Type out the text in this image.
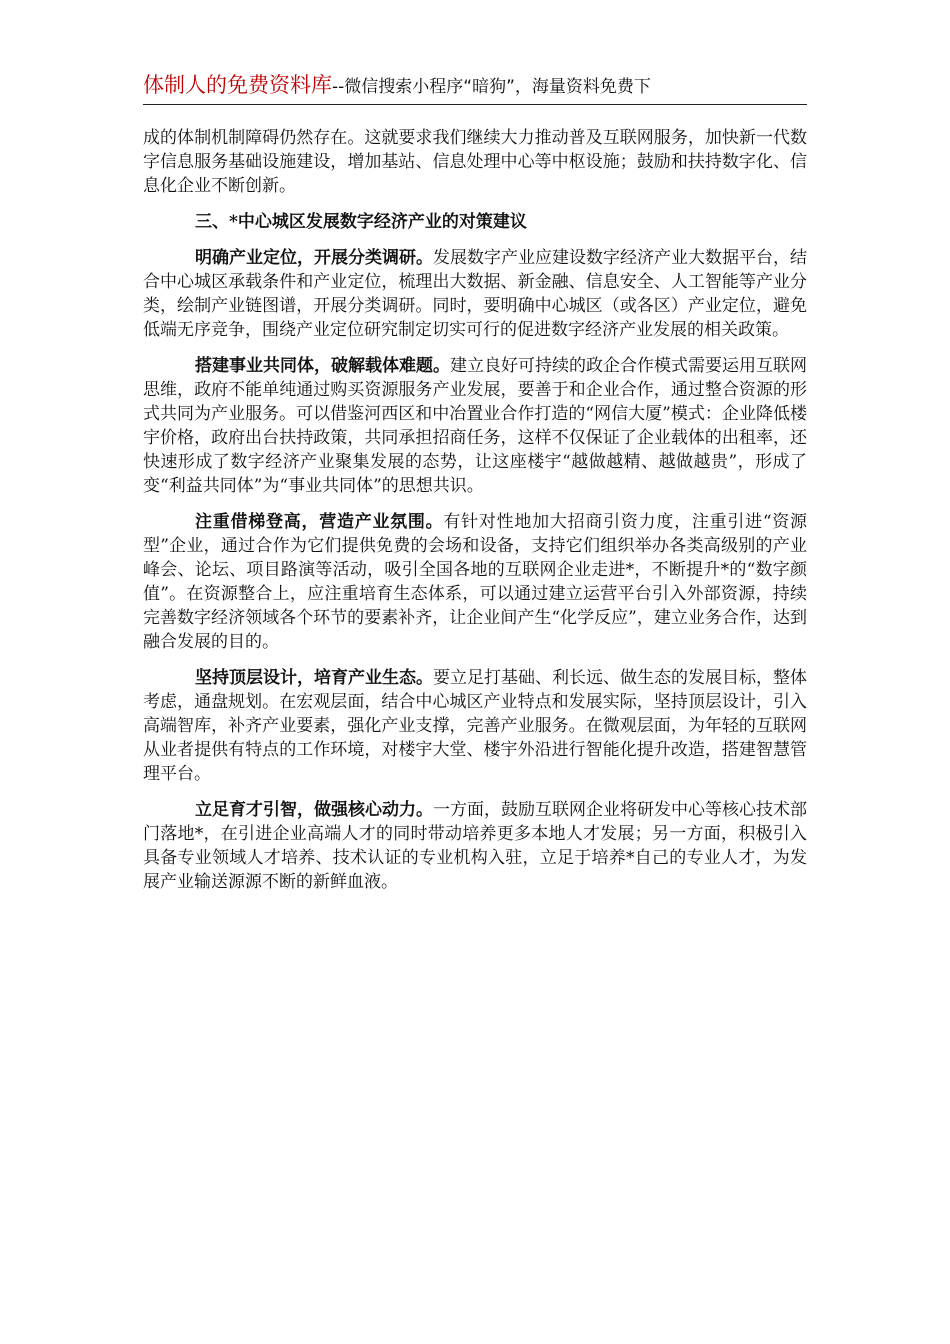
体制人的免费资料库--微信搜索小程序“暗狗”，海量资料免费下

成的体制机制障碍仍然存在。这就要求我们继续大力推动普及互联网服务，加快新一代数字信息服务基础设施建设，增加基站、信息处理中心等中枢设施；鼓励和扶持数字化、信息化企业不断创新。

三、*中心城区发展数字经济产业的对策建议

明确产业定位，开展分类调研。发展数字产业应建设数字经济产业大数据平台，结合中心城区承载条件和产业定位，梳理出大数据、新金融、信息安全、人工智能等产业分类，绘制产业链图谱，开展分类调研。同时，要明确中心城区（或各区）产业定位，避免低端无序竞争，围绕产业定位研究制定切实可行的促进数字经济产业发展的相关政策。

搭建事业共同体，破解载体难题。建立良好可持续的政企合作模式需要运用互联网思维，政府不能单纯通过购买资源服务产业发展，要善于和企业合作，通过整合资源的形式共同为产业服务。可以借鉴河西区和中冶置业合作打造的“网信大厦”模式：企业降低楼宇价格，政府出台扶持政策，共同承担招商任务，这样不仅保证了企业载体的出租率，还快速形成了数字经济产业聚集发展的态势，让这座楼宇“越做越精、越做越贵”，形成了变“利益共同体”为“事业共同体”的思想共识。

注重借梯登高，营造产业氛围。有针对性地加大招商引资力度，注重引进“资源型”企业，通过合作为它们提供免费的会场和设备，支持它们组织举办各类高级别的产业峰会、论坛、项目路演等活动，吸引全国各地的互联网企业走进*，不断提升*的“数字颜值”。在资源整合上，应注重培育生态体系，可以通过建立运营平台引入外部资源，持续完善数字经济领域各个环节的要素补齐，让企业间产生“化学反应”，建立业务合作，达到融合发展的目的。

坚持顶层设计，培育产业生态。要立足打基础、利长远、做生态的发展目标，整体考虑，通盘规划。在宏观层面，结合中心城区产业特点和发展实际，坚持顶层设计，引入高端智库，补齐产业要素，强化产业支撑，完善产业服务。在微观层面，为年轻的互联网从业者提供有特点的工作环境，对楼宇大堂、楼宇外沿进行智能化提升改造，搭建智慧管理平台。

立足育才引智，做强核心动力。一方面，鼓励互联网企业将研发中心等核心技术部门落地*，在引进企业高端人才的同时带动培养更多本地人才发展；另一方面，积极引入具备专业领域人才培养、技术认证的专业机构入驻，立足于培养*自己的专业人才，为发展产业输送源源不断的新鲜血液。
